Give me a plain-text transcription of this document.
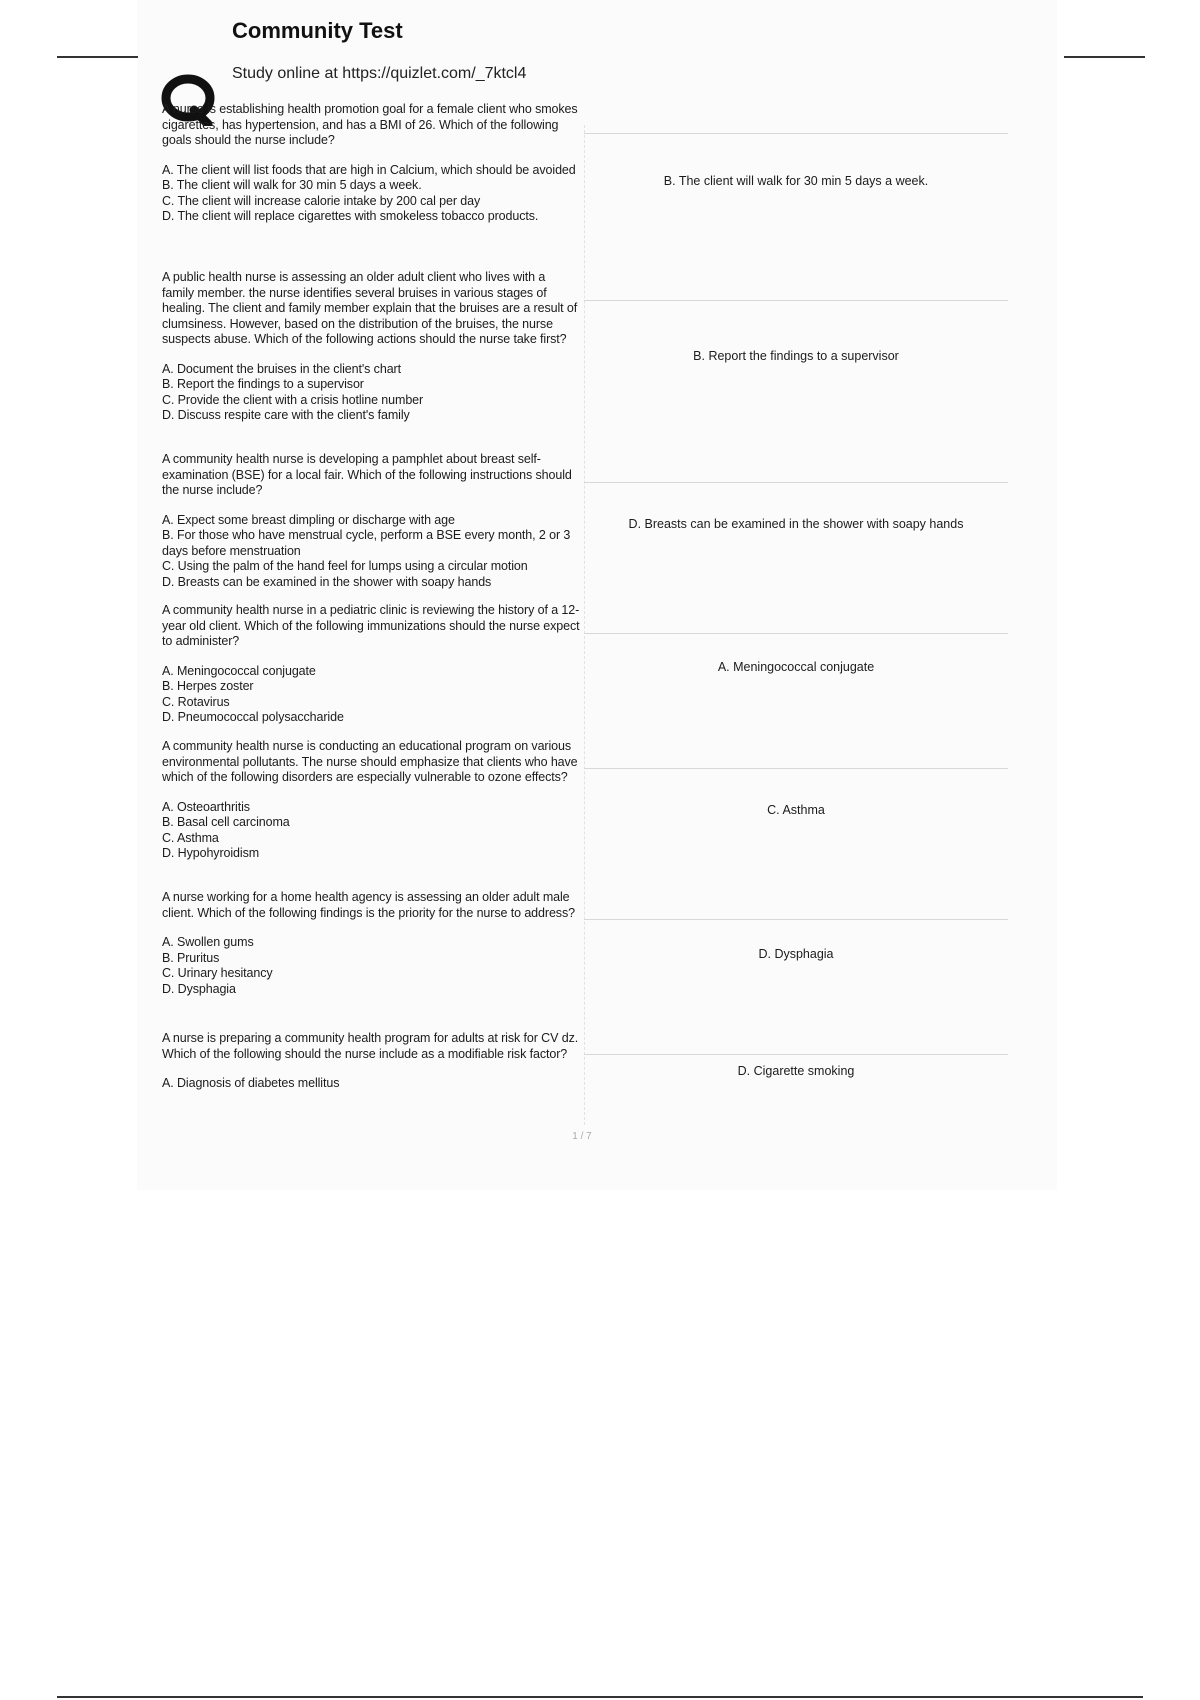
Community Test
Study online at https://quizlet.com/_7ktcl4
A nurse is establishing health promotion goal for a female client who smokes cigarettes, has hypertension, and has a BMI of 26. Which of the following goals should the nurse include?
A. The client will list foods that are high in Calcium, which should be avoided
B. The client will walk for 30 min 5 days a week.
C. The client will increase calorie intake by 200 cal per day
D. The client will replace cigarettes with smokeless tobacco products.
B. The client will walk for 30 min 5 days a week.
A public health nurse is assessing an older adult client who lives with a family member. the nurse identifies several bruises in various stages of healing. The client and family member explain that the bruises are a result of clumsiness. However, based on the distribution of the bruises, the nurse suspects abuse. Which of the following actions should the nurse take first?
A. Document the bruises in the client's chart
B. Report the findings to a supervisor
C. Provide the client with a crisis hotline number
D. Discuss respite care with the client's family
B. Report the findings to a supervisor
A community health nurse is developing a pamphlet about breast self-examination (BSE) for a local fair. Which of the following instructions should the nurse include?
A. Expect some breast dimpling or discharge with age
B. For those who have menstrual cycle, perform a BSE every month, 2 or 3 days before menstruation
C. Using the palm of the hand feel for lumps using a circular motion
D. Breasts can be examined in the shower with soapy hands
D. Breasts can be examined in the shower with soapy hands
A community health nurse in a pediatric clinic is reviewing the history of a 12-year old client. Which of the following immunizations should the nurse expect to administer?
A. Meningococcal conjugate
B. Herpes zoster
C. Rotavirus
D. Pneumococcal polysaccharide
A. Meningococcal conjugate
A community health nurse is conducting an educational program on various environmental pollutants. The nurse should emphasize that clients who have which of the following disorders are especially vulnerable to ozone effects?
A. Osteoarthritis
B. Basal cell carcinoma
C. Asthma
D. Hypohyroidism
C. Asthma
A nurse working for a home health agency is assessing an older adult male client. Which of the following findings is the priority for the nurse to address?
A. Swollen gums
B. Pruritus
C. Urinary hesitancy
D. Dysphagia
D. Dysphagia
A nurse is preparing a community health program for adults at risk for CV dz. Which of the following should the nurse include as a modifiable risk factor?
A. Diagnosis of diabetes mellitus
D. Cigarette smoking
1 / 7
